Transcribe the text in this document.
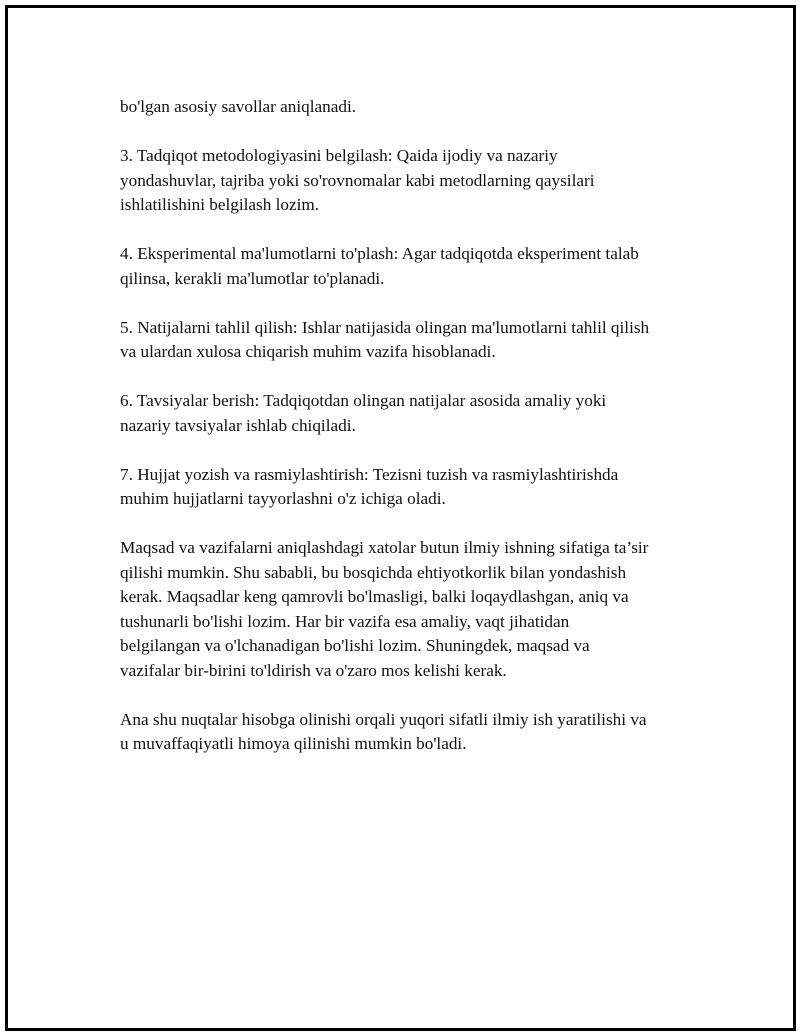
bo'lgan asosiy savollar aniqlanadi.

3. Tadqiqot metodologiyasini belgilash: Qaida ijodiy va nazariy
yondashuvlar, tajriba yoki so'rovnomalar kabi metodlarning qaysilari
ishlatilishini belgilash lozim.

4. Eksperimental ma'lumotlarni to'plash: Agar tadqiqotda eksperiment talab
qilinsa, kerakli ma'lumotlar to'planadi.

5. Natijalarni tahlil qilish: Ishlar natijasida olingan ma'lumotlarni tahlil qilish
va ulardan xulosa chiqarish muhim vazifa hisoblanadi.

6. Tavsiyalar berish: Tadqiqotdan olingan natijalar asosida amaliy yoki
nazariy tavsiyalar ishlab chiqiladi.

7. Hujjat yozish va rasmiylashtirish: Tezisni tuzish va rasmiylashtirishda
muhim hujjatlarni tayyorlashni o'z ichiga oladi.

Maqsad va vazifalarni aniqlashdagi xatolar butun ilmiy ishning sifatiga ta’sir
qilishi mumkin. Shu sababli, bu bosqichda ehtiyotkorlik bilan yondashish
kerak. Maqsadlar keng qamrovli bo'lmasligi, balki loqaydlashgan, aniq va
tushunarli bo'lishi lozim. Har bir vazifa esa amaliy, vaqt jihatidan
belgilangan va o'lchanadigan bo'lishi lozim. Shuningdek, maqsad va
vazifalar bir-birini to'ldirish va o'zaro mos kelishi kerak.

Ana shu nuqtalar hisobga olinishi orqali yuqori sifatli ilmiy ish yaratilishi va
u muvaffaqiyatli himoya qilinishi mumkin bo'ladi.
